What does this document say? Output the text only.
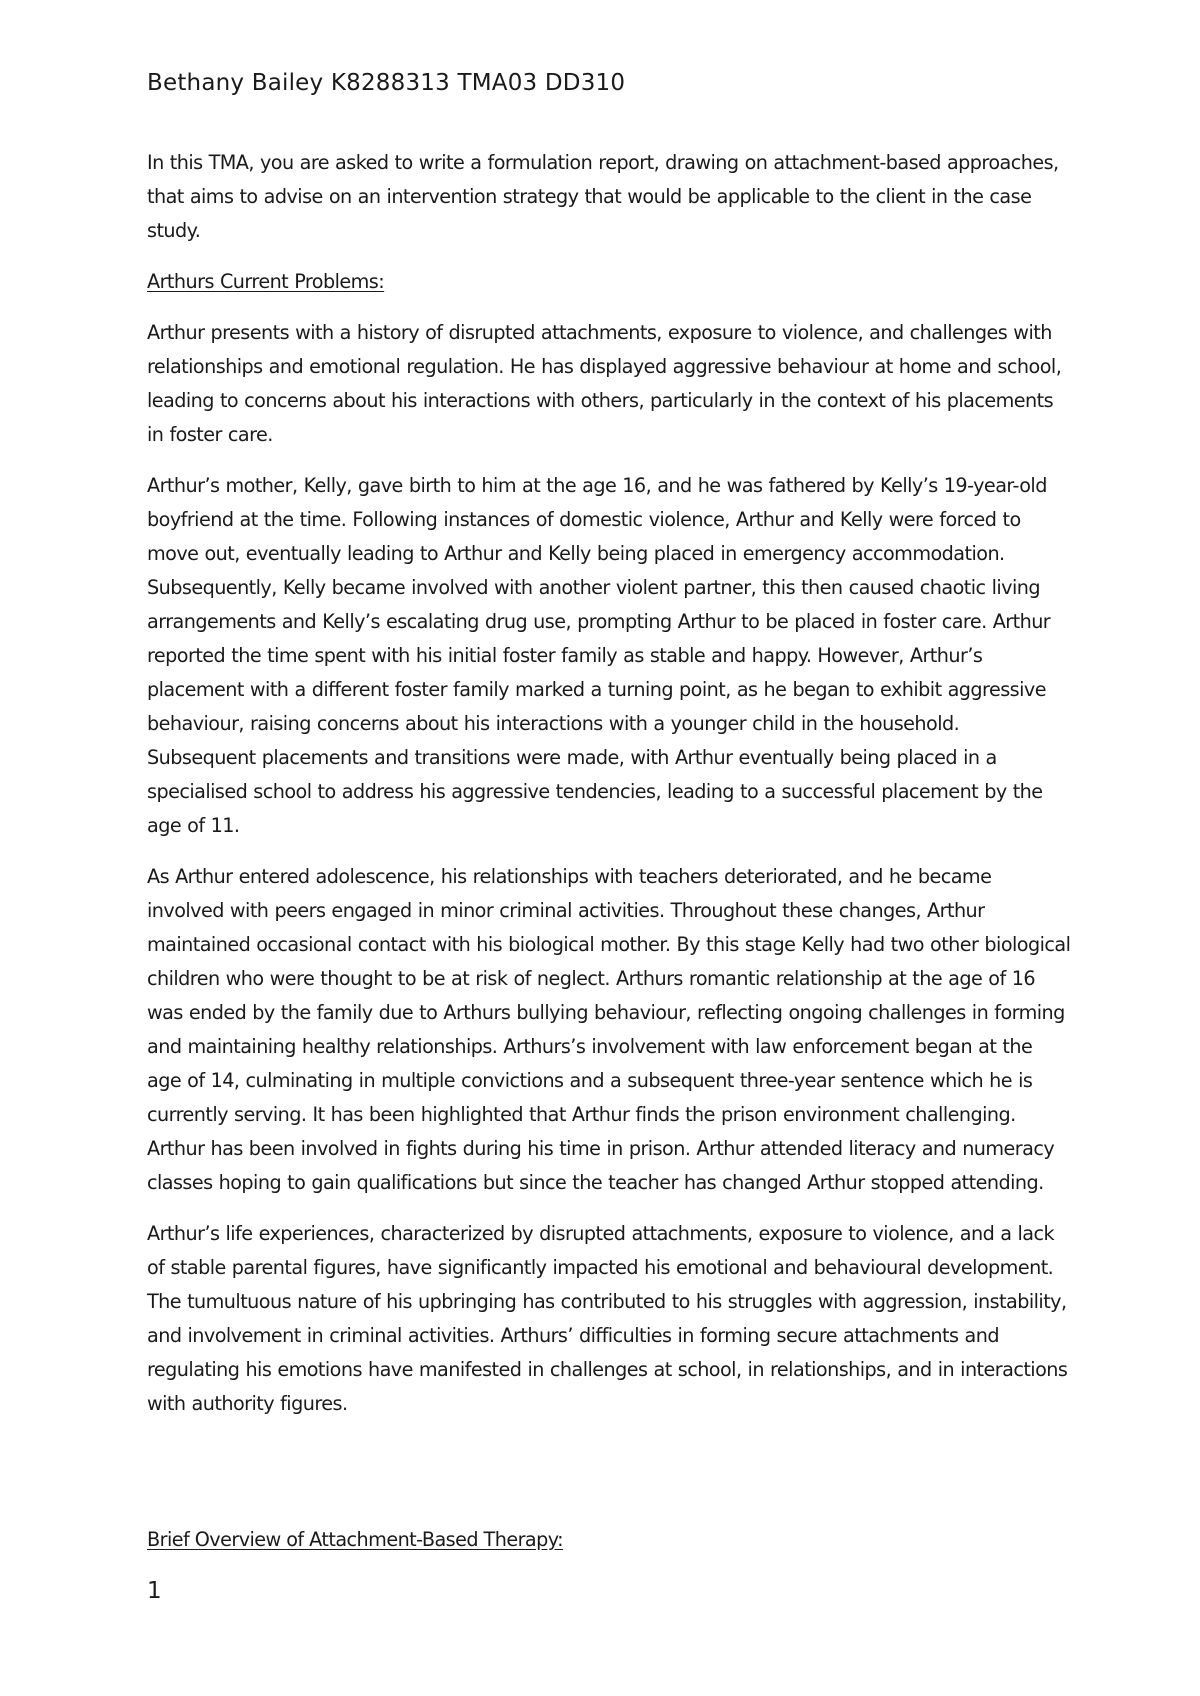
Bethany Bailey K8288313 TMA03 DD310

In this TMA, you are asked to write a formulation report, drawing on attachment-based approaches, that aims to advise on an intervention strategy that would be applicable to the client in the case study.

Arthurs Current Problems:

Arthur presents with a history of disrupted attachments, exposure to violence, and challenges with relationships and emotional regulation. He has displayed aggressive behaviour at home and school, leading to concerns about his interactions with others, particularly in the context of his placements in foster care.

Arthur’s mother, Kelly, gave birth to him at the age 16, and he was fathered by Kelly’s 19-year-old boyfriend at the time. Following instances of domestic violence, Arthur and Kelly were forced to move out, eventually leading to Arthur and Kelly being placed in emergency accommodation. Subsequently, Kelly became involved with another violent partner, this then caused chaotic living arrangements and Kelly’s escalating drug use, prompting Arthur to be placed in foster care. Arthur reported the time spent with his initial foster family as stable and happy. However, Arthur’s placement with a different foster family marked a turning point, as he began to exhibit aggressive behaviour, raising concerns about his interactions with a younger child in the household. Subsequent placements and transitions were made, with Arthur eventually being placed in a specialised school to address his aggressive tendencies, leading to a successful placement by the age of 11.

As Arthur entered adolescence, his relationships with teachers deteriorated, and he became involved with peers engaged in minor criminal activities. Throughout these changes, Arthur maintained occasional contact with his biological mother. By this stage Kelly had two other biological children who were thought to be at risk of neglect. Arthurs romantic relationship at the age of 16 was ended by the family due to Arthurs bullying behaviour, reflecting ongoing challenges in forming and maintaining healthy relationships. Arthurs’s involvement with law enforcement began at the age of 14, culminating in multiple convictions and a subsequent three-year sentence which he is currently serving. It has been highlighted that Arthur finds the prison environment challenging. Arthur has been involved in fights during his time in prison. Arthur attended literacy and numeracy classes hoping to gain qualifications but since the teacher has changed Arthur stopped attending.

Arthur’s life experiences, characterized by disrupted attachments, exposure to violence, and a lack of stable parental figures, have significantly impacted his emotional and behavioural development. The tumultuous nature of his upbringing has contributed to his struggles with aggression, instability, and involvement in criminal activities. Arthurs’ difficulties in forming secure attachments and regulating his emotions have manifested in challenges at school, in relationships, and in interactions with authority figures.

Brief Overview of Attachment-Based Therapy:
1
